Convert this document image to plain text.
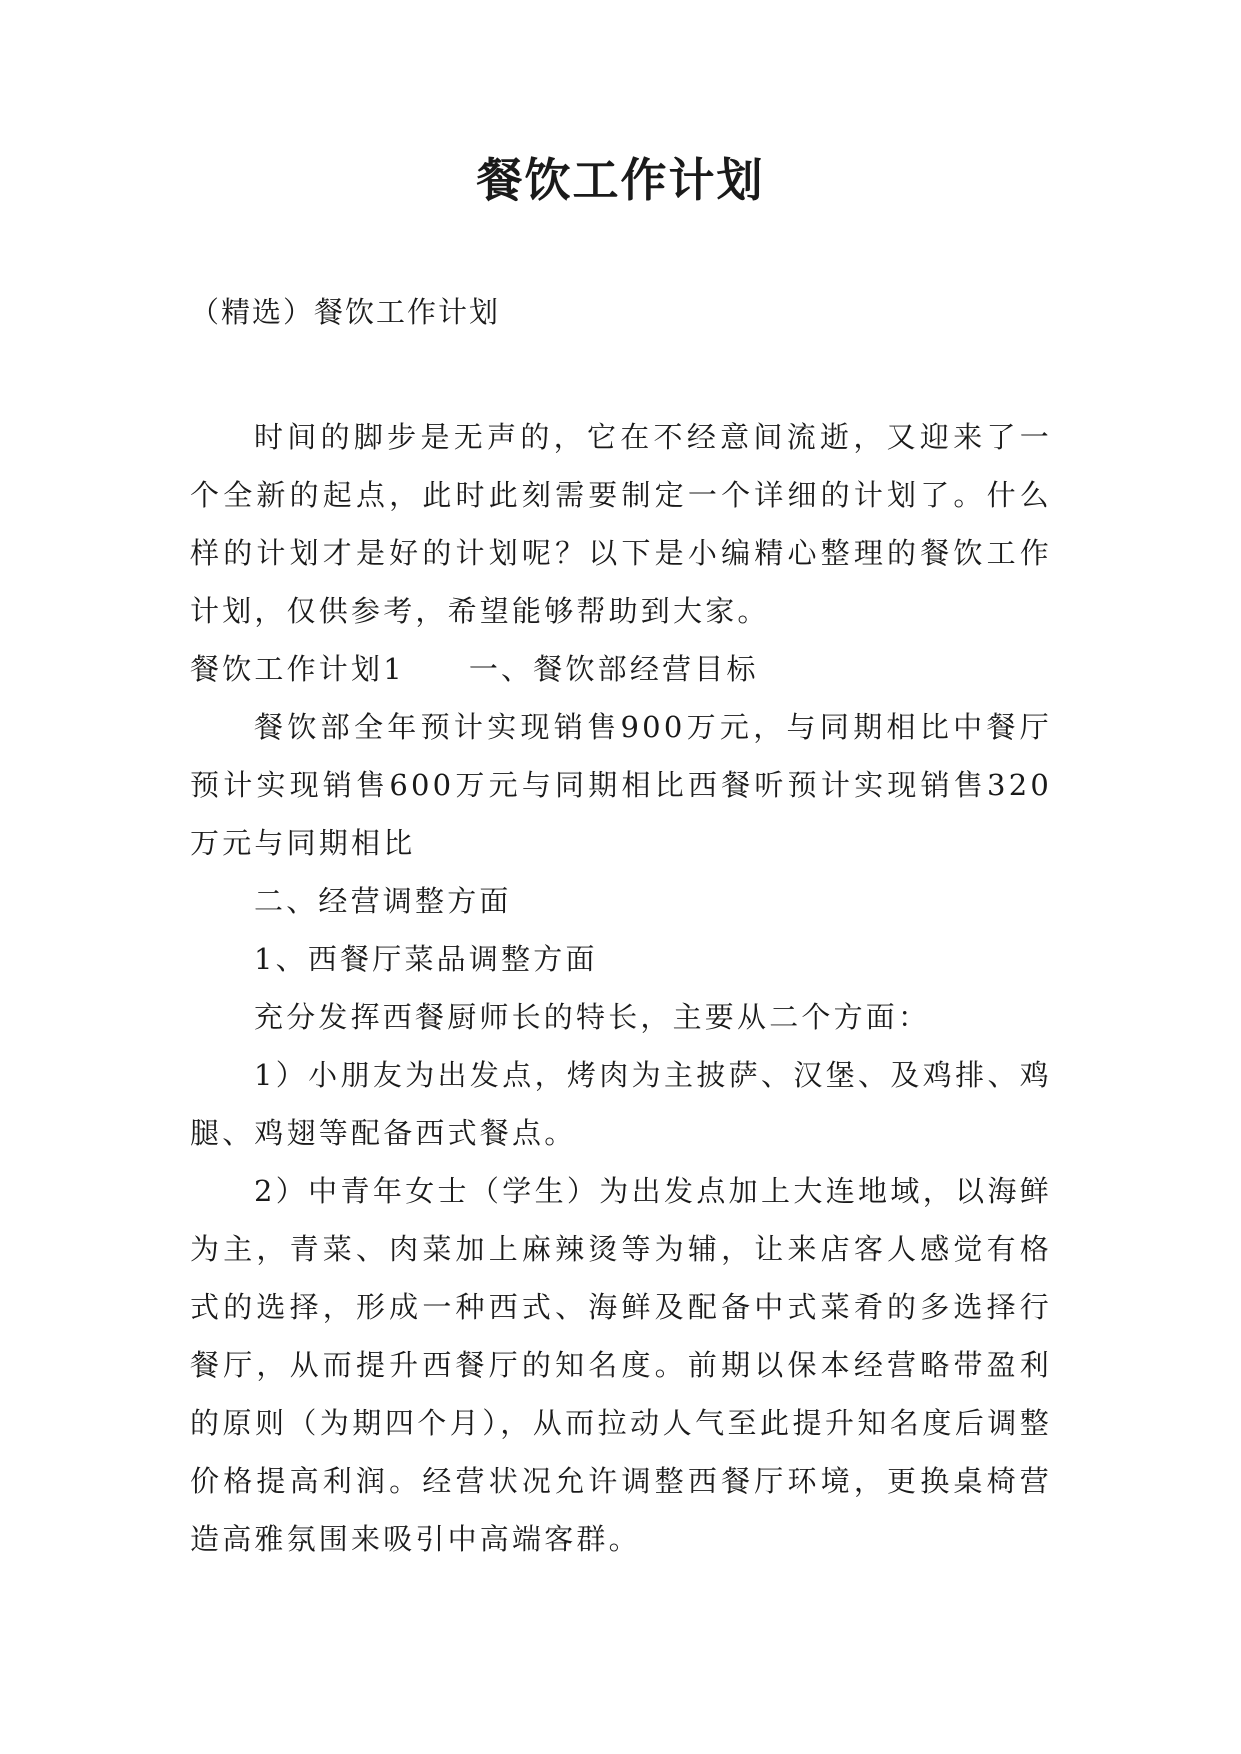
餐饮工作计划
（精选）餐饮工作计划

时间的脚步是无声的，它在不经意间流逝，又迎来了一个全新的起点，此时此刻需要制定一个详细的计划了。什么样的计划才是好的计划呢？以下是小编精心整理的餐饮工作计划，仅供参考，希望能够帮助到大家。

餐饮工作计划1 一、餐饮部经营目标

餐饮部全年预计实现销售900万元，与同期相比中餐厅预计实现销售600万元与同期相比西餐听预计实现销售320万元与同期相比

二、经营调整方面

1、西餐厅菜品调整方面

充分发挥西餐厨师长的特长，主要从二个方面：

1）小朋友为出发点，烤肉为主披萨、汉堡、及鸡排、鸡腿、鸡翅等配备西式餐点。

2）中青年女士（学生）为出发点加上大连地域，以海鲜为主，青菜、肉菜加上麻辣烫等为辅，让来店客人感觉有格式的选择，形成一种西式、海鲜及配备中式菜肴的多选择行餐厅，从而提升西餐厅的知名度。前期以保本经营略带盈利的原则（为期四个月），从而拉动人气至此提升知名度后调整价格提高利润。经营状况允许调整西餐厅环境，更换桌椅营造高雅氛围来吸引中高端客群。
